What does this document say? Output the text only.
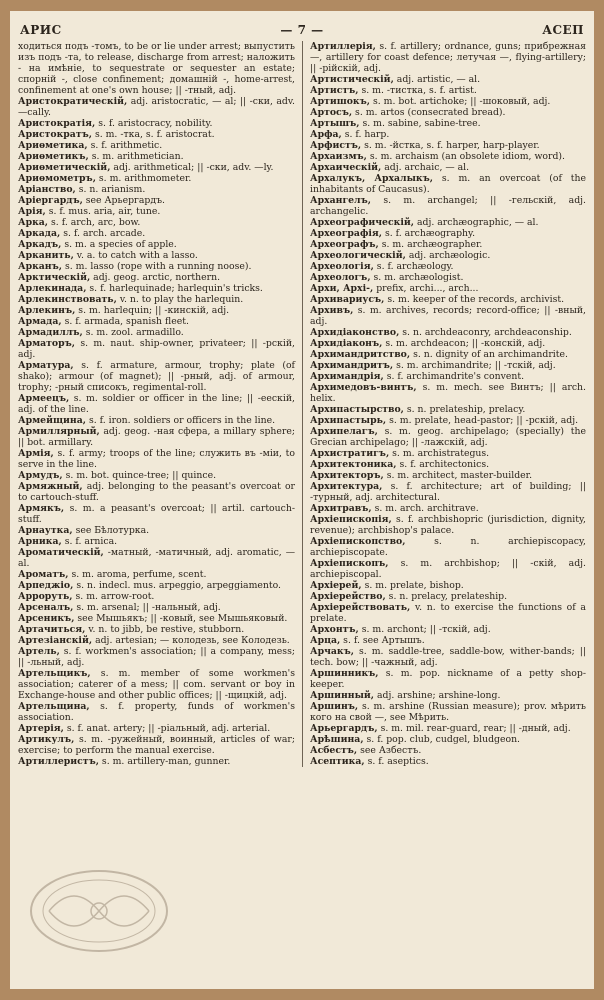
АРИС	— 7 —	АСЕП

ходиться подъ -томъ, to be or lie under arrest; выпустить изъ подъ -та, to release, discharge from arrest; наложить - на имѣніе, to sequestrate or sequester an estate; спорній -, close confinement; домашній -, home-arrest, confinement at one's own house; || -тный, adj.

Аристократическій, adj. aristocratic, — al; || -ски, adv. —cally.

Аристократія, s. f. aristocracy, nobility.

Аристократъ, s. m. -тка, s. f. aristocrat.

Ариѳметика, s. f. arithmetic.

Ариѳметикъ, s. m. arithmetician.

Ариѳметическій, adj. arithmetical; || -ски, adv. —ly.

Ариѳмометръ, s. m. arithmometer.

Аріанство, s. n. arianism.

Аріергардъ, see Арьергардъ.

Арія, s. f. mus. aria, air, tune.

Арка, s. f. arch, arc, bow.

Аркада, s. f. arch. arcade.

Аркадъ, s. m. a species of apple.

Арканить, v. a. to catch with a lasso.

Арканъ, s. m. lasso (rope with a running noose).

Арктическій, adj. geog. arctic, northern.

Арлекинада, s. f. harlequinade; harlequin's tricks.

Арлекинствовать, v. n. to play the harlequin.

Арлекинъ, s. m. harlequin; || -кинскій, adj.

Армада, s. f. armada, spanish fleet.

Армадиллъ, s. m. zool. armadillo.

Арматоръ, s. m. naut. ship-owner, privateer; || -рскій, adj.

Арматура, s. f. armature, armour, trophy; plate (of shako); armour (of magnet); || -рный, adj. of armour, trophy; -рный списокъ, regimental-roll.

Армеецъ, s. m. soldier or officer in the line; || -еескій, adj. of the line.

Армейщина, s. f. iron. soldiers or officers in the line.

Армиллярный, adj. geog. -ная сфера, a millary sphere; || bot. armillary.

Армія, s. f. army; troops of the line; служить въ -міи, to serve in the line.

Армудъ, s. m. bot. quince-tree; || quince.

Армяжный, adj. belonging to the peasant's overcoat or to cartouch-stuff.

Армякъ, s. m. a peasant's overcoat; || artil. cartouch-stuff.

Арнаутка, see Бѣлотурка.

Арника, s. f. arnica.

Ароматическій, -матный, -матичный, adj. aromatic, — al.

Ароматъ, s. m. aroma, perfume, scent.

Арпеджіо, s. n. indecl. mus. arpeggio, arpeggiamento.

Арроруть, s. m. arrow-root.

Арсеналъ, s. m. arsenal; || -нальный, adj.

Арсеникъ, see Мышьякъ; || -ковый, see Мышьяковый.

Артачиться, v. n. to jibb, be restive, stubborn.

Артезіанскій, adj. artesian; — колодезь, see Колодезь.

Артель, s. f. workmen's association; || a company, mess; || -льный, adj.

Артельщикъ, s. m. member of some workmen's association; caterer of a mess; || com. servant or boy in Exchange-house and other public offices; || -щицкій, adj.

Артельщина, s. f. property, funds of workmen's association.

Артерія, s. f. anat. artery; || -ріальный, adj. arterial.

Артикулъ, s. m. -ружейный, воинный, articles of war; exercise; to perform the manual exercise.

Артиллеристъ, s. m. artillery-man, gunner.

Артиллерія, s. f. artillery; ordnance, guns; прибрежная —, artillery for coast defence; летучая —, flying-artillery; || -рійскій, adj.

Артистическій, adj. artistic, — al.

Артистъ, s. m. -тистка, s. f. artist.

Артишокъ, s. m. bot. artichoke; || -шоковый, adj.

Артосъ, s. m. artos (consecrated bread).

Артышъ, s. m. sabine, sabine-tree.

Арфа, s. f. harp.

Арфистъ, s. m. -йстка, s. f. harper, harp-player.

Архаизмъ, s. m. archaism (an obsolete idiom, word).

Архаическій, adj. archaic, — al.

Архалукъ, Архалыкъ, s. m. an overcoat (of the inhabitants of Caucasus).

Архангелъ, s. m. archangel; || -гельскій, adj. archangelic.

Археографическій, adj. archæographic, — al.

Археографія, s. f. archæography.

Археографъ, s. m. archæographer.

Археологическій, adj. archæologic.

Археологія, s. f. archæology.

Археологъ, s. m. archæologist.

Архи, Архі-, prefix, archi..., arch...

Архивариусъ, s. m. keeper of the records, archivist.

Архивъ, s. m. archives, records; record-office; || -вный, adj.

Архидіаконство, s. n. archdeaconry, archdeaconship.

Архидіаконъ, s. m. archdeacon; || -конскій, adj.

Архимандритство, s. n. dignity of an archimandrite.

Архимандритъ, s. m. archimandrite; || -тскій, adj.

Архимандрія, s. f. archimandrite's convent.

Архимедовъ-винтъ, s. m. mech. see Винтъ; || arch. helix.

Архипастырство, s. n. prelateship, prelacy.

Архипастырь, s. m. prelate, head-pastor; || -рскій, adj.

Архипелагъ, s. m. geog. archipelago; (specially) the Grecian archipelago; || -лажскій, adj.

Архистратигъ, s. m. archistrategus.

Архитектоника, s. f. architectonics.

Архитекторъ, s. m. architect, master-builder.

Архитектура, s. f. architecture; art of building; || -турный, adj. architectural.

Архитравъ, s. m. arch. architrave.

Архіепископія, s. f. archbishopric (jurisdiction, dignity, revenue); archbishop's palace.

Архіепископство,	s. n. archiepiscopacy, archiepiscopate.

Архіепископъ, s. m. archbishop; || -скій, adj. archiepiscopal.

Архіерей, s. m. prelate, bishop.

Архіерейство, s. n. prelacy, prelateship.

Архіерействовать, v. n. to exercise the functions of a prelate.

Архонтъ, s. m. archont; || -тскій, adj.

Арца, s. f. see Артышъ.

Арчакъ, s. m. saddle-tree, saddle-bow, wither-bands; || tech. bow; || -чажный, adj.

Аршинникъ, s. m. pop. nickname of a petty shop-keeper.

Аршинный, adj. arshine; arshine-long.

Аршинъ, s. m. arshine (Russian measure); prov. мѣрить кого на свой —, see Мѣрить.

Арьергардъ, s. m. mil. rear-guard, rear; || -дный, adj.

Арѣшина, s. f. pop. club, cudgel, bludgeon.

Асбестъ, see Азбестъ.

Асептика, s. f. aseptics.
